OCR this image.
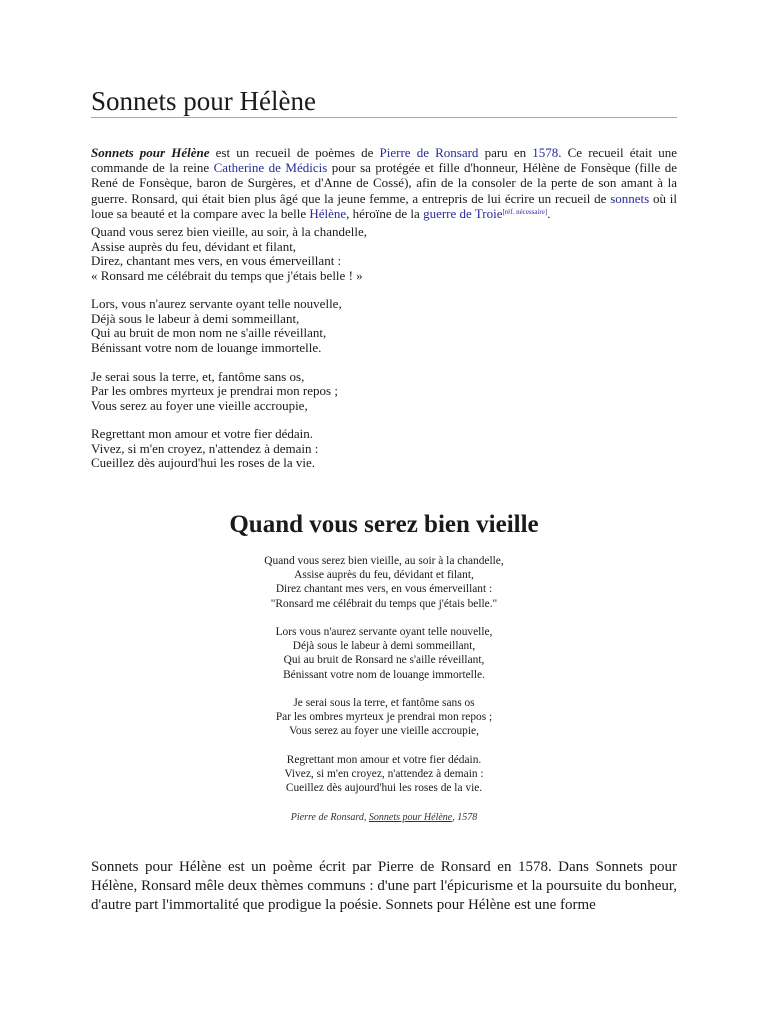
Sonnets pour Hélène

Sonnets pour Hélène est un recueil de poèmes de Pierre de Ronsard paru en 1578. Ce recueil était une commande de la reine Catherine de Médicis pour sa protégée et fille d'honneur, Hélène de Fonsèque (fille de René de Fonsèque, baron de Surgères, et d'Anne de Cossé), afin de la consoler de la perte de son amant à la guerre. Ronsard, qui était bien plus âgé que la jeune femme, a entrepris de lui écrire un recueil de sonnets où il loue sa beauté et la compare avec la belle Hélène, héroïne de la guerre de Troie[réf. nécessaire].

Quand vous serez bien vieille, au soir, à la chandelle,
Assise auprès du feu, dévidant et filant,
Direz, chantant mes vers, en vous émerveillant :
« Ronsard me célébrait du temps que j'étais belle ! »
Lors, vous n'aurez servante oyant telle nouvelle,
Déjà sous le labeur à demi sommeillant,
Qui au bruit de mon nom ne s'aille réveillant,
Bénissant votre nom de louange immortelle.
Je serai sous la terre, et, fantôme sans os,
Par les ombres myrteux je prendrai mon repos ;
Vous serez au foyer une vieille accroupie,
Regrettant mon amour et votre fier dédain.
Vivez, si m'en croyez, n'attendez à demain :
Cueillez dès aujourd'hui les roses de la vie.
Quand vous serez bien vieille
Quand vous serez bien vieille, au soir à la chandelle,
Assise auprès du feu, dévidant et filant,
Direz chantant mes vers, en vous émerveillant :
"Ronsard me célébrait du temps que j'étais belle."
Lors vous n'aurez servante oyant telle nouvelle,
Déjà sous le labeur à demi sommeillant,
Qui au bruit de Ronsard ne s'aille réveillant,
Bénissant votre nom de louange immortelle.
Je serai sous la terre, et fantôme sans os
Par les ombres myrteux je prendrai mon repos ;
Vous serez au foyer une vieille accroupie,
Regrettant mon amour et votre fier dédain.
Vivez, si m'en croyez, n'attendez à demain :
Cueillez dès aujourd'hui les roses de la vie.
Pierre de Ronsard, Sonnets pour Hélène, 1578

Sonnets pour Hélène est un poème écrit par Pierre de Ronsard en 1578. Dans Sonnets pour Hélène, Ronsard mêle deux thèmes communs : d'une part l'épicurisme et la poursuite du bonheur, d'autre part l'immortalité que prodigue la poésie. Sonnets pour Hélène est une forme
